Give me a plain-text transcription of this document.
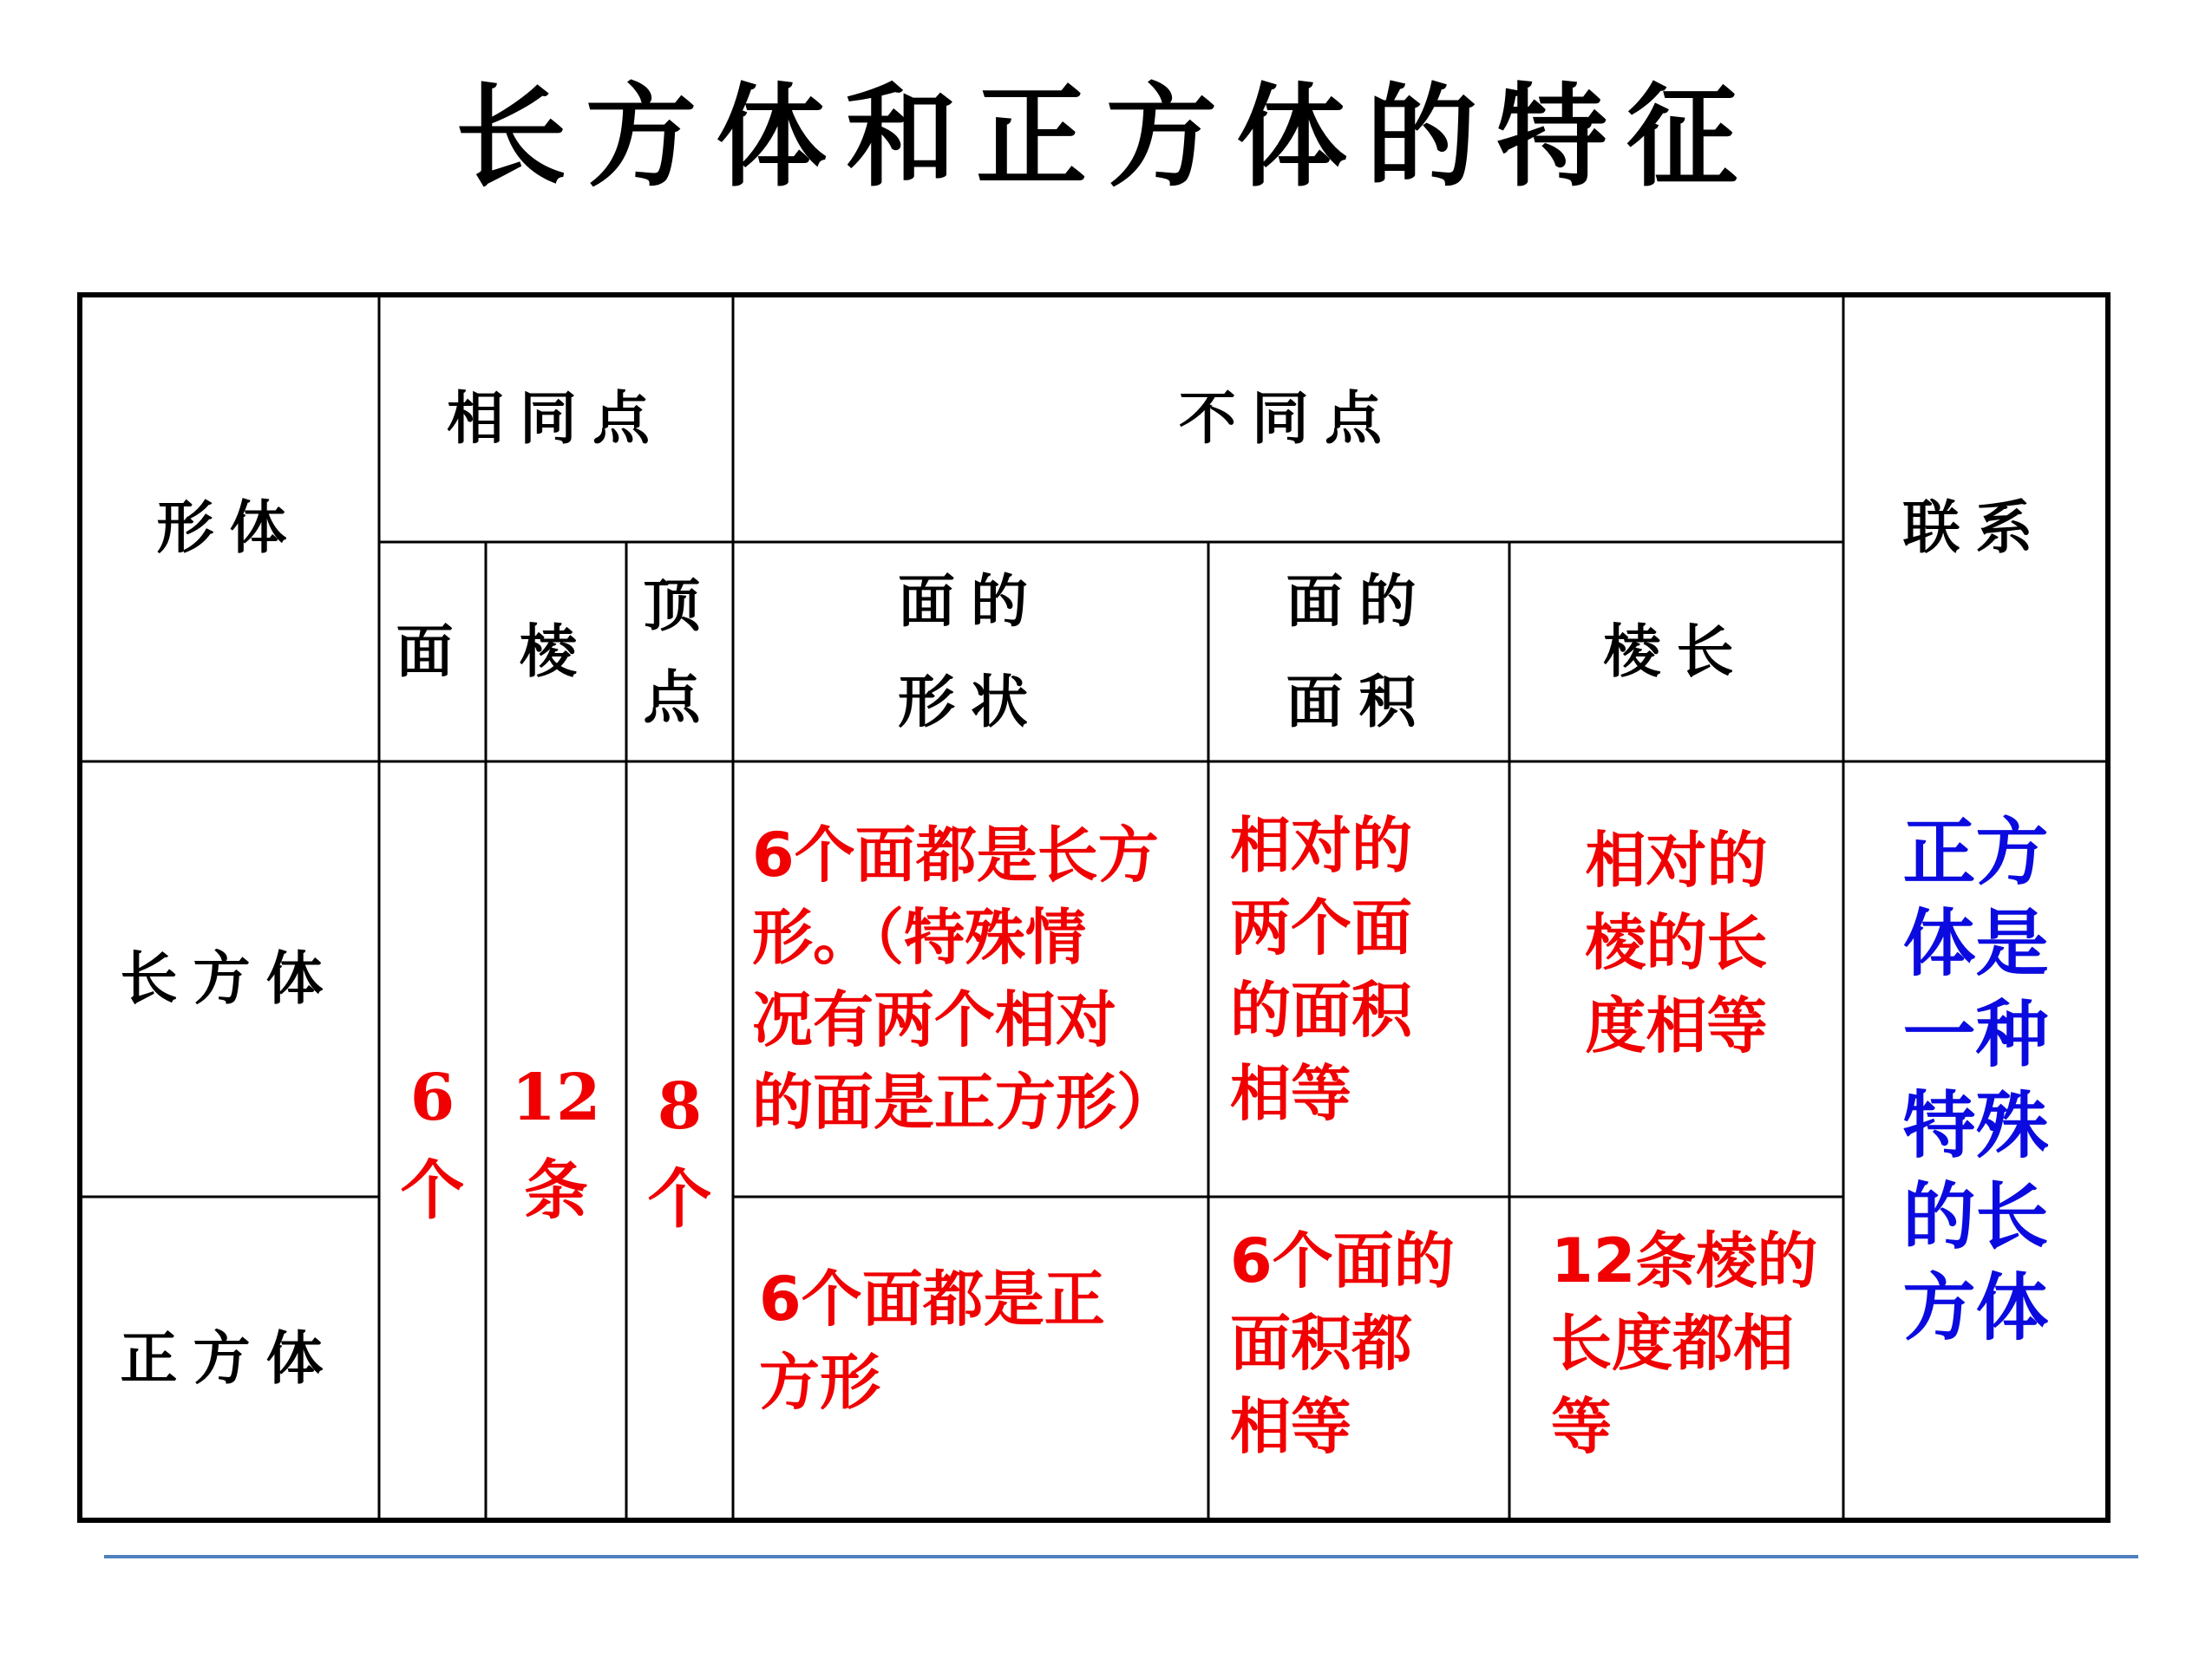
长方体和正方体的特征
形体
相同点	不同点
联系
面 棱
顶
点
面的
形状
面的
面积
棱长
长方体
正方体
6
个
12
条
8
个
6个面都是长方
形。（特殊情
况有两个相对
的面是正方形）
相对的
两个面
的面积
相等
相对的
棱的长
度相等
6个面都是正
方形
6个面的
面积都
相等
12条棱的
长度都相
等
正方
体是
一种
特殊
的长
方体
